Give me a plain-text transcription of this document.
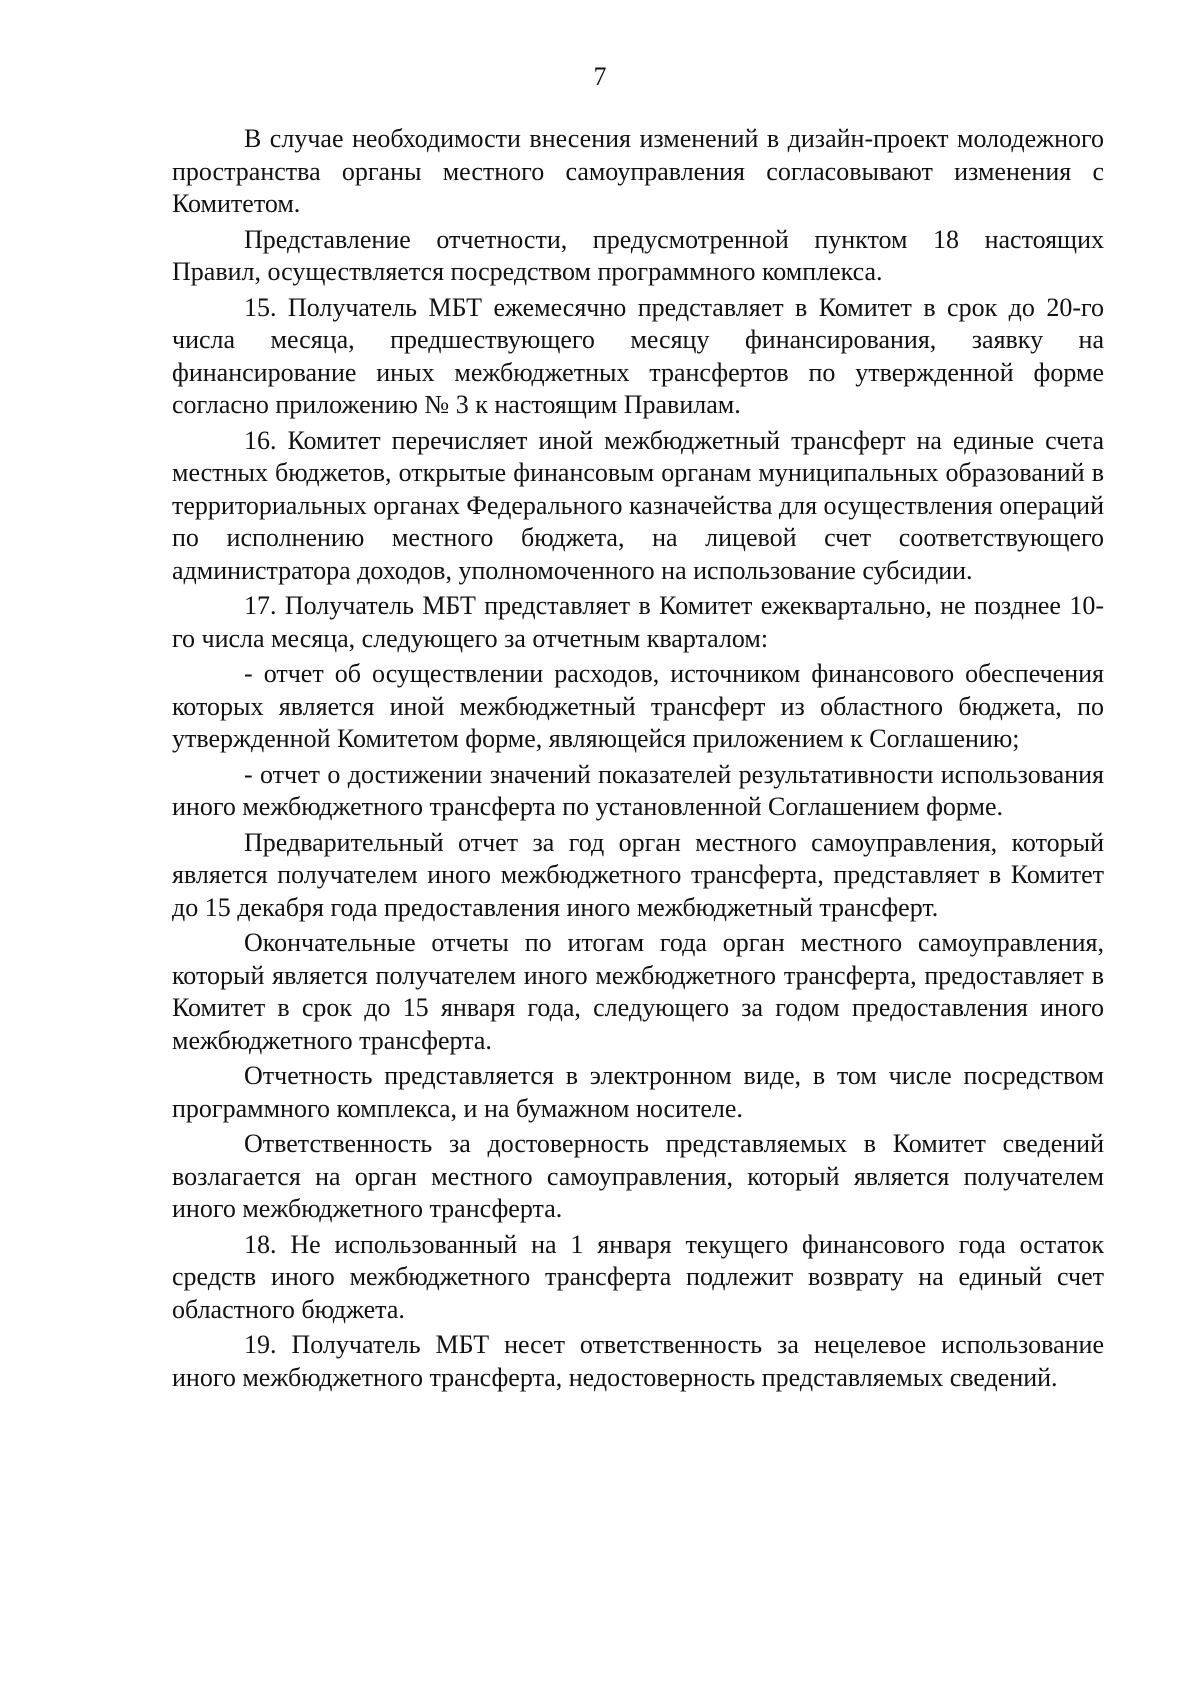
7

В случае необходимости внесения изменений в дизайн-проект молодежного пространства органы местного самоуправления согласовывают изменения с Комитетом.

Представление отчетности, предусмотренной пунктом 18 настоящих Правил, осуществляется посредством программного комплекса.

15. Получатель МБТ ежемесячно представляет в Комитет в срок до 20-го числа месяца, предшествующего месяцу финансирования, заявку на финансирование иных межбюджетных трансфертов по утвержденной форме согласно приложению № 3 к настоящим Правилам.

16. Комитет перечисляет иной межбюджетный трансферт на единые счета местных бюджетов, открытые финансовым органам муниципальных образований в территориальных органах Федерального казначейства для осуществления операций по исполнению местного бюджета, на лицевой счет соответствующего администратора доходов, уполномоченного на использование субсидии.

17. Получатель МБТ представляет в Комитет ежеквартально, не позднее 10-го числа месяца, следующего за отчетным кварталом:

- отчет об осуществлении расходов, источником финансового обеспечения которых является иной межбюджетный трансферт из областного бюджета, по утвержденной Комитетом форме, являющейся приложением к Соглашению;

- отчет о достижении значений показателей результативности использования иного межбюджетного трансферта по установленной Соглашением форме.

Предварительный отчет за год орган местного самоуправления, который является получателем иного межбюджетного трансферта, представляет в Комитет до 15 декабря года предоставления иного межбюджетный трансферт.

Окончательные отчеты по итогам года орган местного самоуправления, который является получателем иного межбюджетного трансферта, предоставляет в Комитет в срок до 15 января года, следующего за годом предоставления иного межбюджетного трансферта.

Отчетность представляется в электронном виде, в том числе посредством программного комплекса, и на бумажном носителе.

Ответственность за достоверность представляемых в Комитет сведений возлагается на орган местного самоуправления, который является получателем иного межбюджетного трансферта.

18. Не использованный на 1 января текущего финансового года остаток средств иного межбюджетного трансферта подлежит возврату на единый счет областного бюджета.

19. Получатель МБТ несет ответственность за нецелевое использование иного межбюджетного трансферта, недостоверность представляемых сведений.
